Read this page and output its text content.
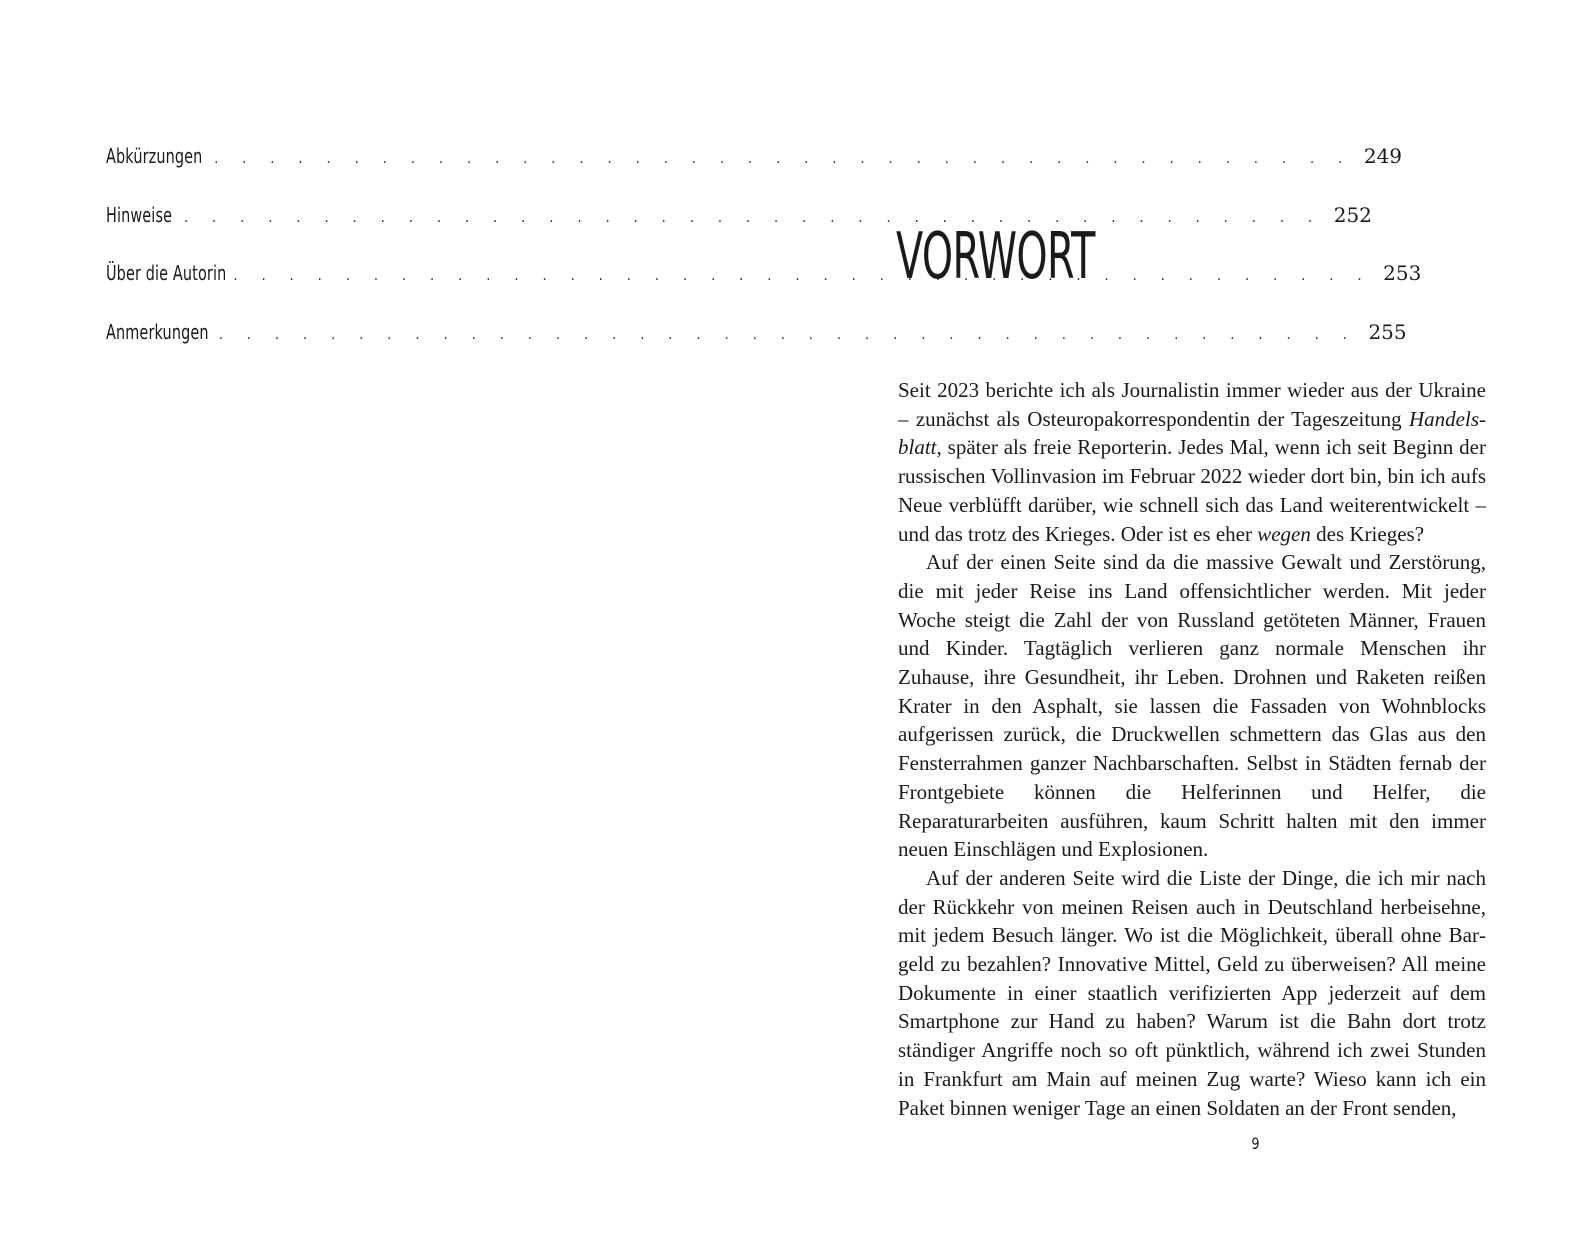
Abkürzungen . . . . . . . . . . . . . . . . . . . . . . . . . . . . . . . . . . . . . . . . . 249
Hinweise . . . . . . . . . . . . . . . . . . . . . . . . . . . . . . . . . . . . . . . . . 252
Über die Autorin . . . . . . . . . . . . . . . . . . . . . . . . . . . . . . . . . . . . . . . . . 253
Anmerkungen . . . . . . . . . . . . . . . . . . . . . . . . . . . . . . . . . . . . . . . . . 255
VORWORT

Seit 2023 berichte ich als Journalistin immer wieder aus der Ukraine – zunächst als Osteuropakorrespondentin der Tageszeitung Handelsblatt, später als freie Reporterin. Jedes Mal, wenn ich seit Beginn der russischen Vollinvasion im Februar 2022 wieder dort bin, bin ich aufs Neue verblüfft darüber, wie schnell sich das Land weiterentwickelt – und das trotz des Krieges. Oder ist es eher wegen des Krieges?

Auf der einen Seite sind da die massive Gewalt und Zerstörung, die mit jeder Reise ins Land offensichtlicher werden. Mit jeder Woche steigt die Zahl der von Russland getöteten Männer, Frauen und Kinder. Tagtäglich verlieren ganz normale Menschen ihr Zuhause, ihre Gesundheit, ihr Leben. Drohnen und Raketen reißen Krater in den Asphalt, sie lassen die Fassaden von Wohnblocks aufgerissen zurück, die Druckwellen schmettern das Glas aus den Fensterrahmen ganzer Nachbarschaften. Selbst in Städten fernab der Frontgebiete können die Helferinnen und Helfer, die Reparaturarbeiten ausführen, kaum Schritt halten mit den immer neuen Einschlägen und Explosionen.

Auf der anderen Seite wird die Liste der Dinge, die ich mir nach der Rückkehr von meinen Reisen auch in Deutschland herbeisehne, mit jedem Besuch länger. Wo ist die Möglichkeit, überall ohne Bargeld zu bezahlen? Innovative Mittel, Geld zu überweisen? All meine Dokumente in einer staatlich verifizierten App jederzeit auf dem Smartphone zur Hand zu haben? Warum ist die Bahn dort trotz ständiger Angriffe noch so oft pünktlich, während ich zwei Stunden in Frankfurt am Main auf meinen Zug warte? Wieso kann ich ein Paket binnen weniger Tage an einen Soldaten an der Front senden,

9
